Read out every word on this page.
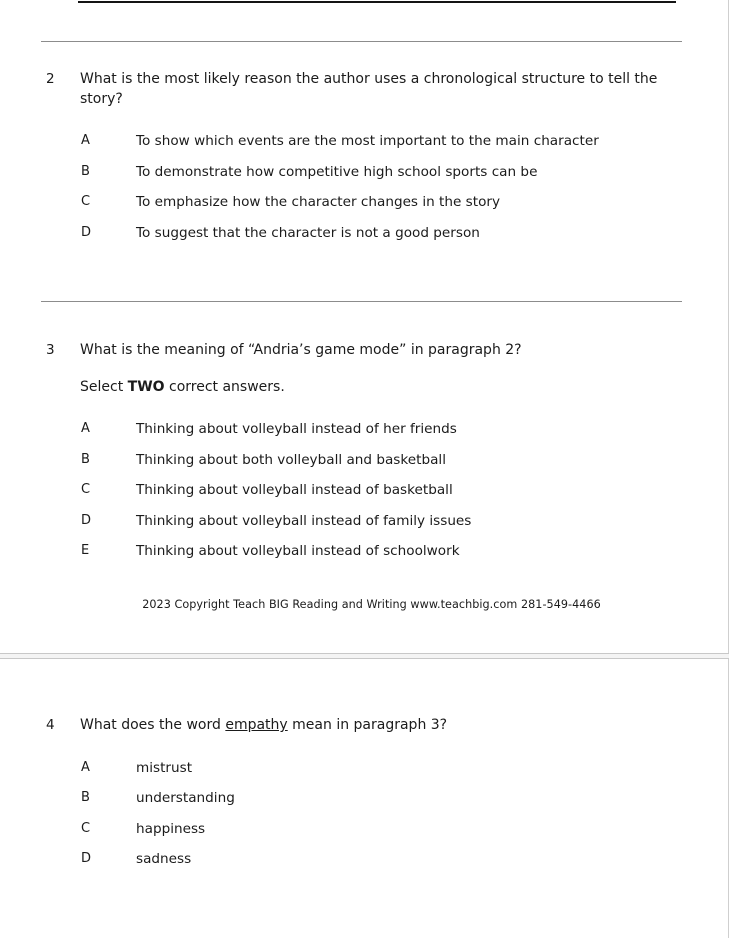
2	What is the most likely reason the author uses a chronological structure to tell the story?
A	To show which events are the most important to the main character
B	To demonstrate how competitive high school sports can be
C	To emphasize how the character changes in the story
D	To suggest that the character is not a good person
3	What is the meaning of “Andria’s game mode” in paragraph 2?
Select TWO correct answers.
A	Thinking about volleyball instead of her friends
B	Thinking about both volleyball and basketball
C	Thinking about volleyball instead of basketball
D	Thinking about volleyball instead of family issues
E	Thinking about volleyball instead of schoolwork
2023 Copyright Teach BIG Reading and Writing www.teachbig.com 281-549-4466
4	What does the word empathy mean in paragraph 3?
A	mistrust
B	understanding
C	happiness
D	sadness
